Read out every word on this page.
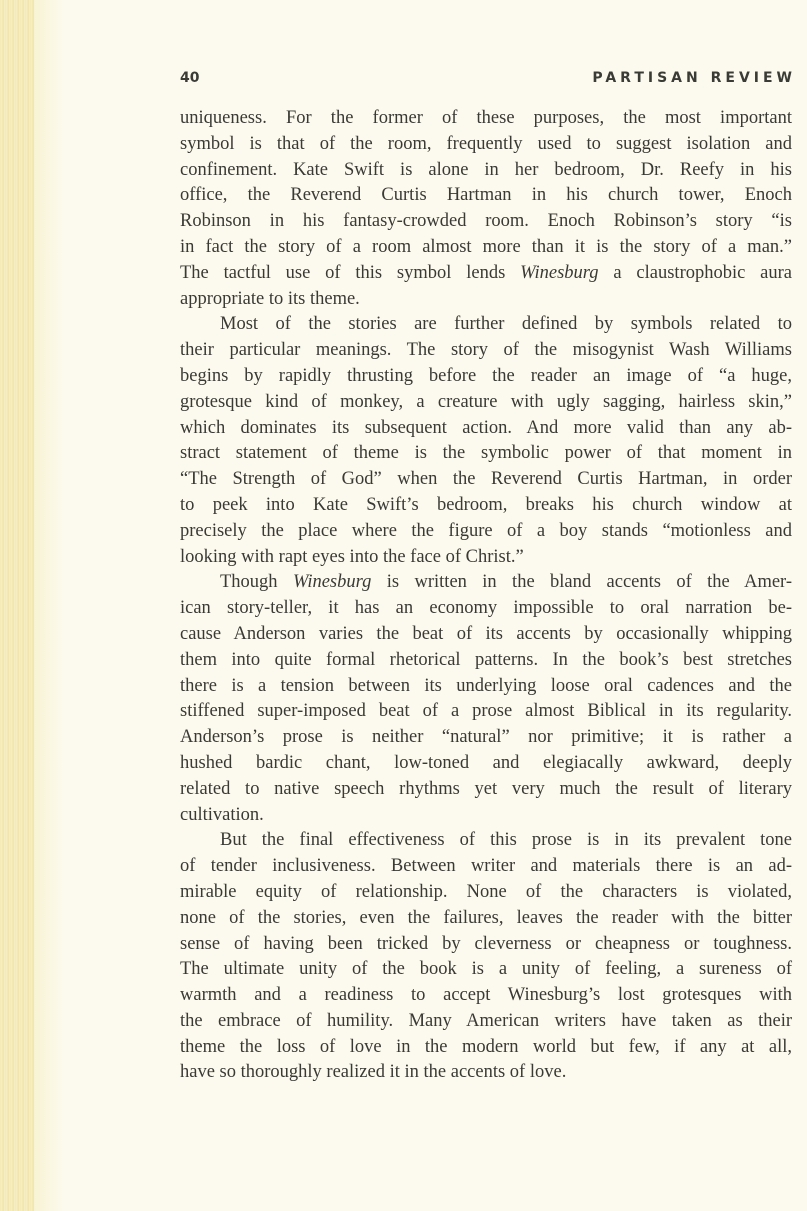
40	PARTISAN REVIEW
uniqueness. For the former of these purposes, the most important
symbol is that of the room, frequently used to suggest isolation and
confinement. Kate Swift is alone in her bedroom, Dr. Reefy in his
office, the Reverend Curtis Hartman in his church tower, Enoch
Robinson in his fantasy-crowded room. Enoch Robinson’s story “is
in fact the story of a room almost more than it is the story of a man.”
The tactful use of this symbol lends Winesburg a claustrophobic aura
appropriate to its theme.
Most of the stories are further defined by symbols related to
their particular meanings. The story of the misogynist Wash Williams
begins by rapidly thrusting before the reader an image of “a huge,
grotesque kind of monkey, a creature with ugly sagging, hairless skin,”
which dominates its subsequent action. And more valid than any ab-
stract statement of theme is the symbolic power of that moment in
“The Strength of God” when the Reverend Curtis Hartman, in order
to peek into Kate Swift’s bedroom, breaks his church window at
precisely the place where the figure of a boy stands “motionless and
looking with rapt eyes into the face of Christ.”
Though Winesburg is written in the bland accents of the Amer-
ican story-teller, it has an economy impossible to oral narration be-
cause Anderson varies the beat of its accents by occasionally whipping
them into quite formal rhetorical patterns. In the book’s best stretches
there is a tension between its underlying loose oral cadences and the
stiffened super-imposed beat of a prose almost Biblical in its regularity.
Anderson’s prose is neither “natural” nor primitive; it is rather a
hushed bardic chant, low-toned and elegiacally awkward, deeply
related to native speech rhythms yet very much the result of literary
cultivation.
But the final effectiveness of this prose is in its prevalent tone
of tender inclusiveness. Between writer and materials there is an ad-
mirable equity of relationship. None of the characters is violated,
none of the stories, even the failures, leaves the reader with the bitter
sense of having been tricked by cleverness or cheapness or toughness.
The ultimate unity of the book is a unity of feeling, a sureness of
warmth and a readiness to accept Winesburg’s lost grotesques with
the embrace of humility. Many American writers have taken as their
theme the loss of love in the modern world but few, if any at all,
have so thoroughly realized it in the accents of love.
